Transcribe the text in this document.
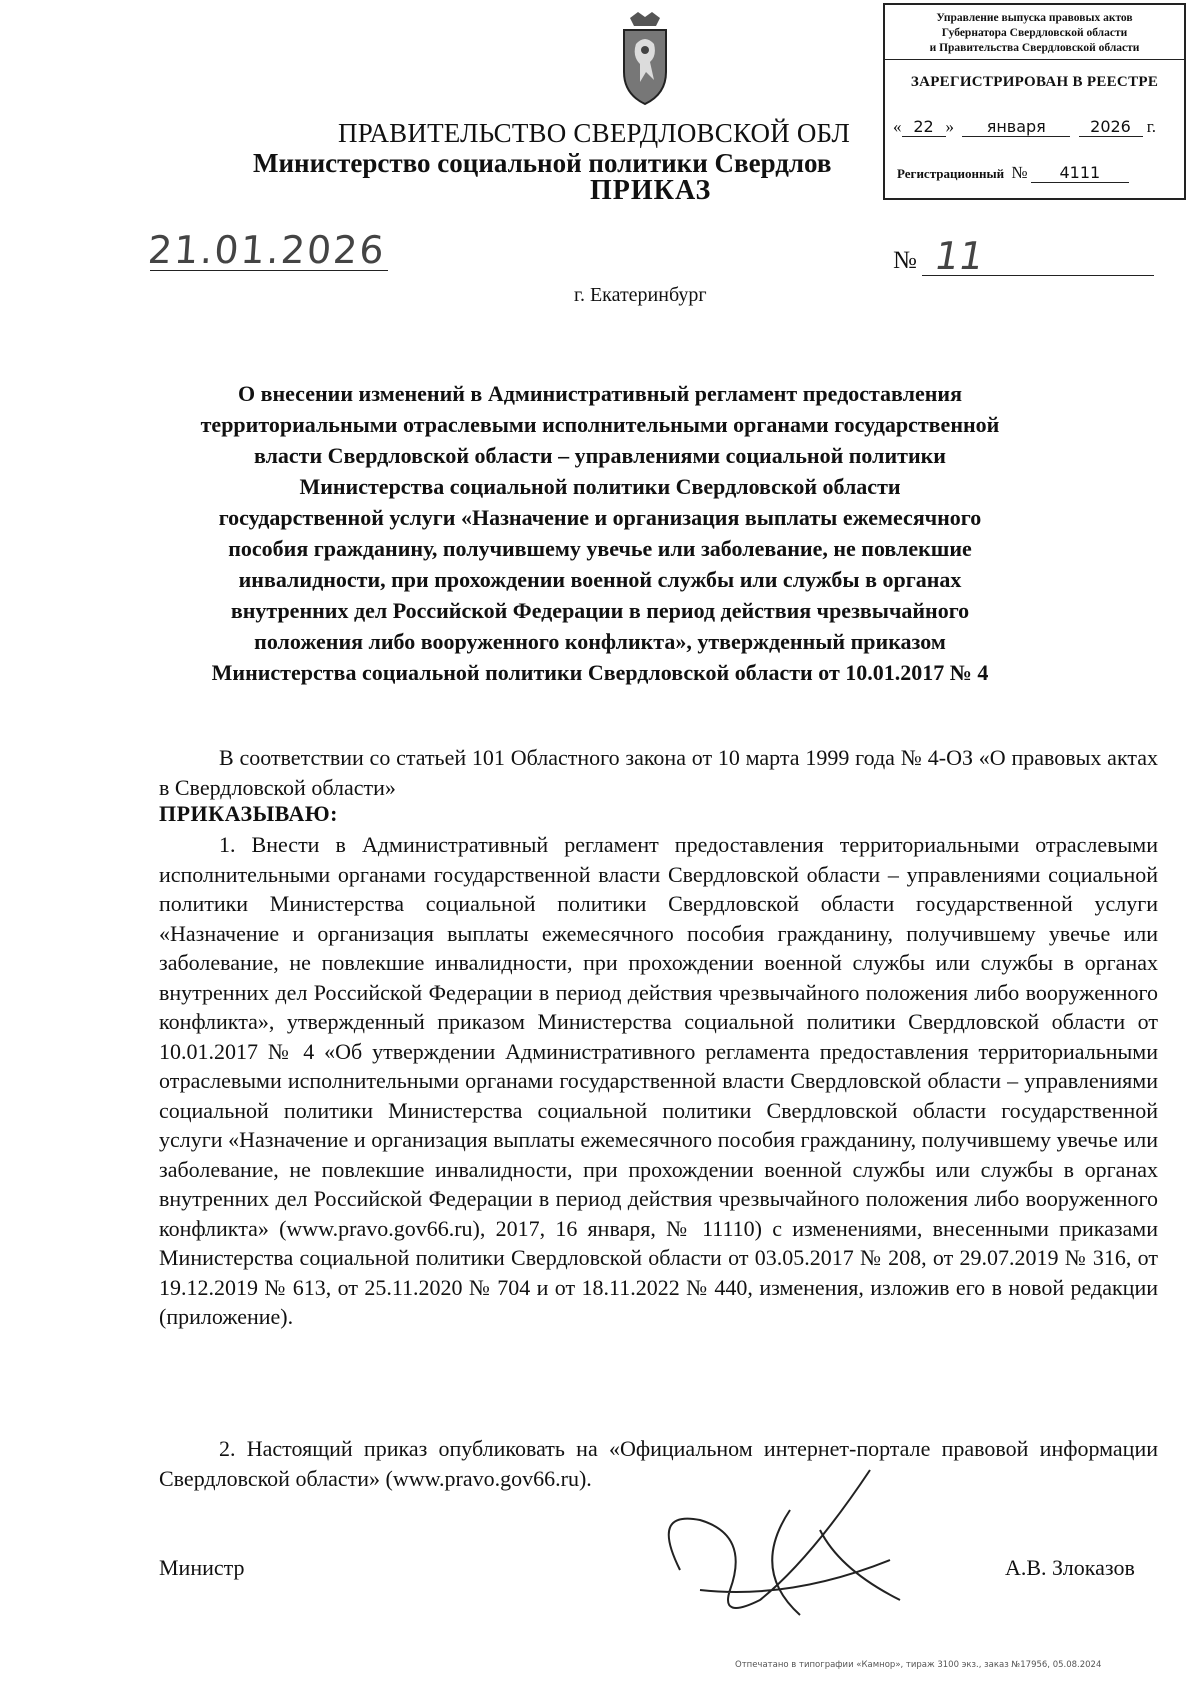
ПРАВИТЕЛЬСТВО СВЕРДЛОВСКОЙ ОБЛ
Министерство социальной политики Свердлов
ПРИКАЗ
Управление выпуска правовых актов
Губернатора Свердловской области
и Правительства Свердловской области
ЗАРЕГИСТРИРОВАН В РЕЕСТРЕ
« 22 » января	2026 г.
Регистрационный № 4111
21.01.2026	№ 11
г. Екатеринбург
О внесении изменений в Административный регламент предоставления
территориальными отраслевыми исполнительными органами государственной
власти Свердловской области – управлениями социальной политики
Министерства социальной политики Свердловской области
государственной услуги «Назначение и организация выплаты ежемесячного
пособия гражданину, получившему увечье или заболевание, не повлекшие
инвалидности, при прохождении военной службы или службы в органах
внутренних дел Российской Федерации в период действия чрезвычайного
положения либо вооруженного конфликта», утвержденный приказом
Министерства социальной политики Свердловской области от 10.01.2017 № 4

В соответствии со статьей 101 Областного закона от 10 марта 1999 года № 4-ОЗ «О правовых актах в Свердловской области»

ПРИКАЗЫВАЮ:

1. Внести в Административный регламент предоставления территориальными отраслевыми исполнительными органами государственной власти Свердловской области – управлениями социальной политики Министерства социальной политики Свердловской области государственной услуги «Назначение и организация выплаты ежемесячного пособия гражданину, получившему увечье или заболевание, не повлекшие инвалидности, при прохождении военной службы или службы в органах внутренних дел Российской Федерации в период действия чрезвычайного положения либо вооруженного конфликта», утвержденный приказом Министерства социальной политики Свердловской области от 10.01.2017 № 4 «Об утверждении Административного регламента предоставления территориальными отраслевыми исполнительными органами государственной власти Свердловской области – управлениями социальной политики Министерства социальной политики Свердловской области государственной услуги «Назначение и организация выплаты ежемесячного пособия гражданину, получившему увечье или заболевание, не повлекшие инвалидности, при прохождении военной службы или службы в органах внутренних дел Российской Федерации в период действия чрезвычайного положения либо вооруженного конфликта» (www.pravo.gov66.ru), 2017, 16 января, № 11110) с изменениями, внесенными приказами Министерства социальной политики Свердловской области от 03.05.2017 № 208, от 29.07.2019 № 316, от 19.12.2019 № 613, от 25.11.2020 № 704 и от 18.11.2022 № 440, изменения, изложив его в новой редакции (приложение).

2. Настоящий приказ опубликовать на «Официальном интернет-портале правовой информации Свердловской области» (www.pravo.gov66.ru).

Министр	А.В. Злоказов
Отпечатано в типографии «Камнор», тираж 3100 экз., заказ №17956, 05.08.2024
